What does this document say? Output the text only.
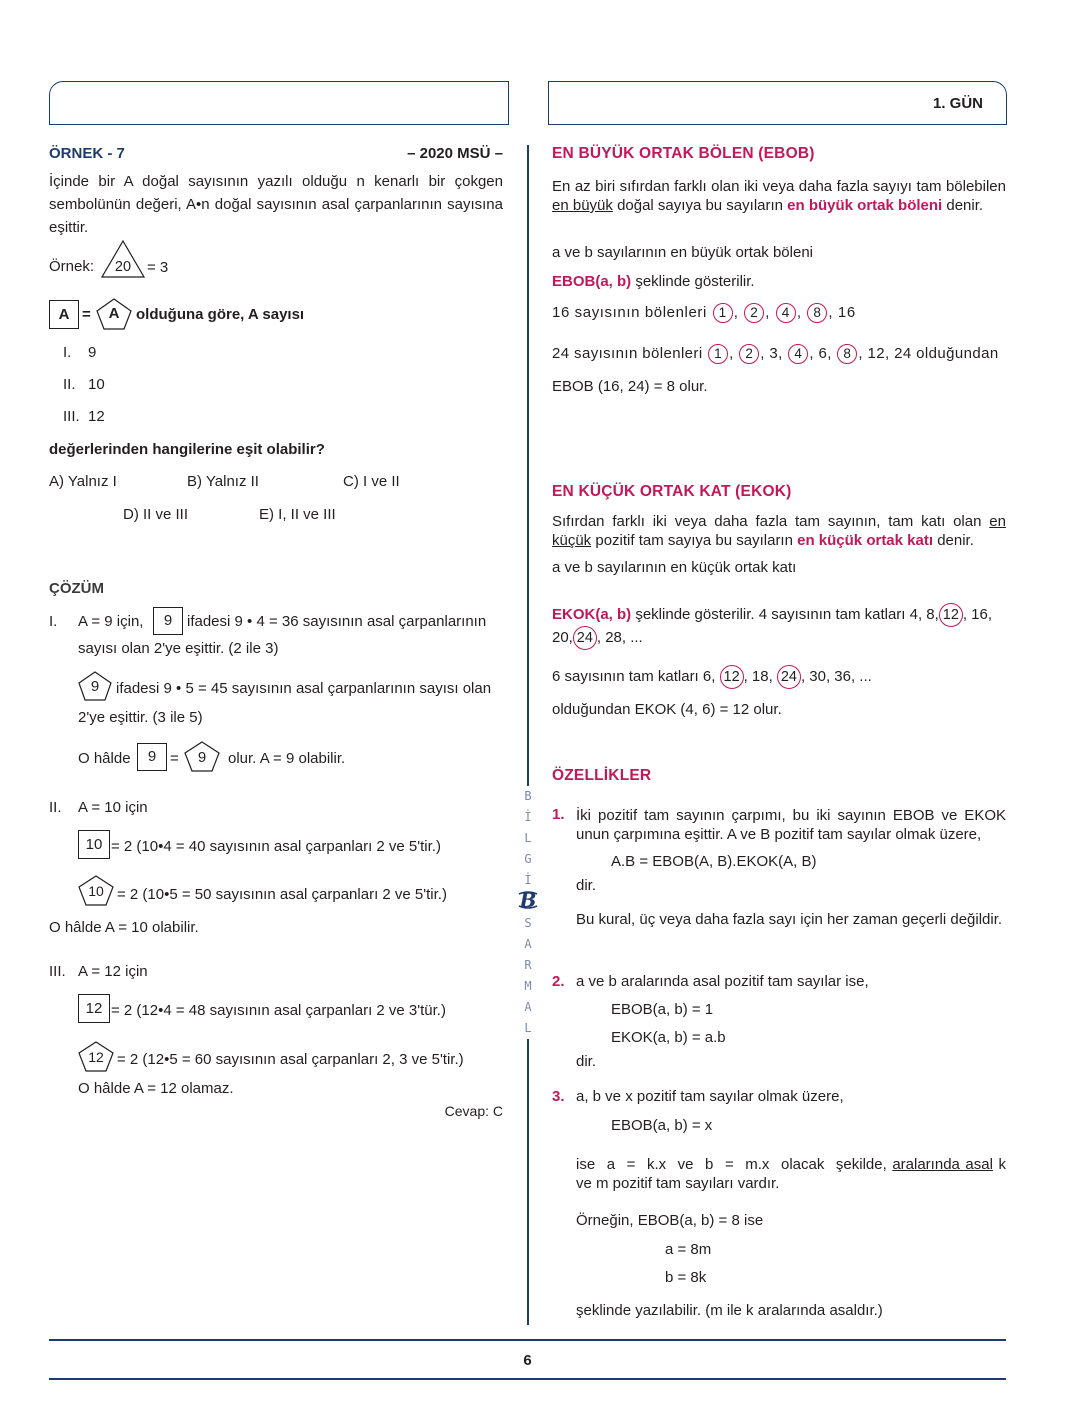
1. GÜN
ÖRNEK - 7	– 2020 MSÜ –
İçinde bir A doğal sayısının yazılı olduğu n kenarlı bir çokgen sembolünün değeri, A•n doğal sayısının asal çarpanlarının sayısına eşittir.
Örnek:	20	= 3
A =	A	olduğuna göre, A sayısı
I. 9
II. 10
III. 12
değerlerinden hangilerine eşit olabilir?
A) Yalnız I	B) Yalnız II	C) I ve II
D) II ve III	E) I, II ve III
ÇÖZÜM
I. A = 9 için,	9 ifadesi 9 • 4 = 36 sayısının asal çarpanlarının
sayısı olan 2'ye eşittir. (2 ile 3)
9	ifadesi 9 • 5 = 45 sayısının asal çarpanlarının sayısı olan
2'ye eşittir. (3 ile 5)
O hâlde	9 =	9	olur. A = 9 olabilir.
II. A = 10 için
10 = 2 (10•4 = 40 sayısının asal çarpanları 2 ve 5'tir.)
10 = 2 (10•5 = 50 sayısının asal çarpanları 2 ve 5'tir.)
O hâlde A = 10 olabilir.
III. A = 12 için
12 = 2 (12•4 = 48 sayısının asal çarpanları 2 ve 3'tür.)
12 = 2 (12•5 = 60 sayısının asal çarpanları 2, 3 ve 5'tir.)
O hâlde A = 12 olamaz.
Cevap: C
B
İ
L
G
İ
B
S
A
R
M
A
L
EN BÜYÜK ORTAK BÖLEN (EBOB)
En az biri sıfırdan farklı olan iki veya daha fazla sayıyı tam bölebilen en büyük doğal sayıya bu sayıların en büyük ortak böleni denir.
a ve b sayılarının en büyük ortak böleni
EBOB(a, b) şeklinde gösterilir.
16 sayısının bölenleri 1 , 2 , 4 , 8 , 16
24 sayısının bölenleri 1 , 2 , 3, 4 , 6, 8 , 12, 24 olduğundan
EBOB (16, 24) = 8 olur.
EN KÜÇÜK ORTAK KAT (EKOK)
Sıfırdan farklı iki veya daha fazla tam sayının, tam katı olan en küçük pozitif tam sayıya bu sayıların en küçük ortak katı denir.
a ve b sayılarının en küçük ortak katı
EKOK(a, b) şeklinde gösterilir. 4 sayısının tam katları 4, 8, 12 , 16,
20, 24 , 28, ...
6 sayısının tam katları 6, 12 , 18, 24 , 30, 36, ...
olduğundan EKOK (4, 6) = 12 olur.
ÖZELLİKLER
1. İki pozitif tam sayının çarpımı, bu iki sayının EBOB ve EKOK unun çarpımına eşittir. A ve B pozitif tam sayılar olmak üzere,
A.B = EBOB(A, B).EKOK(A, B)
dir.
Bu kural, üç veya daha fazla sayı için her zaman geçerli değildir.
2. a ve b aralarında asal pozitif tam sayılar ise,
EBOB(a, b) = 1
EKOK(a, b) = a.b
dir.
3. a, b ve x pozitif tam sayılar olmak üzere,
EBOB(a, b) = x
ise a = k.x ve b = m.x olacak şekilde, aralarında asal k ve m pozitif tam sayıları vardır.
Örneğin, EBOB(a, b) = 8 ise
a = 8m
b = 8k
şeklinde yazılabilir. (m ile k aralarında asaldır.)
6
